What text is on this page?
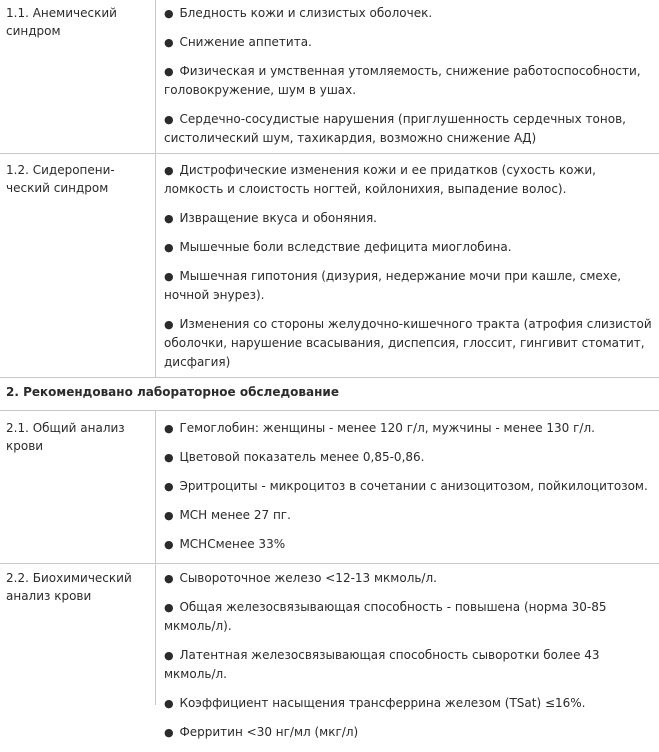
1.1. Анемический синдром
● Бледность кожи и слизистых оболочек.
● Снижение аппетита.
● Физическая и умственная утомляемость, снижение работоспособности, головокружение, шум в ушах.
● Сердечно-сосудистые нарушения (приглушенность сердечных тонов, систолический шум, тахикардия, возможно снижение АД)
1.2. Сидеропенический синдром
● Дистрофические изменения кожи и ее придатков (сухость кожи, ломкость и слоистость ногтей, койлонихия, выпадение волос).
● Извращение вкуса и обоняния.
● Мышечные боли вследствие дефицита миоглобина.
● Мышечная гипотония (дизурия, недержание мочи при кашле, смехе, ночной энурез).
● Изменения со стороны желудочно-кишечного тракта (атрофия слизистой оболочки, нарушение всасывания, диспепсия, глоссит, гингивит стоматит, дисфагия)
2. Рекомендовано лабораторное обследование
2.1. Общий анализ крови
● Гемоглобин: женщины - менее 120 г/л, мужчины - менее 130 г/л.
● Цветовой показатель менее 0,85-0,86.
● Эритроциты - микроцитоз в сочетании с анизоцитозом, пойкилоцитозом.
● МСН менее 27 пг.
● МСНСменее 33%
2.2. Биохимический анализ крови
● Сывороточное железо <12-13 мкмоль/л.
● Общая железосвязывающая способность - повышена (норма 30-85 мкмоль/л).
● Латентная железосвязывающая способность сыворотки более 43 мкмоль/л.
● Коэффициент насыщения трансферрина железом (TSat) ≤16%.
● Ферритин <30 нг/мл (мкг/л)
